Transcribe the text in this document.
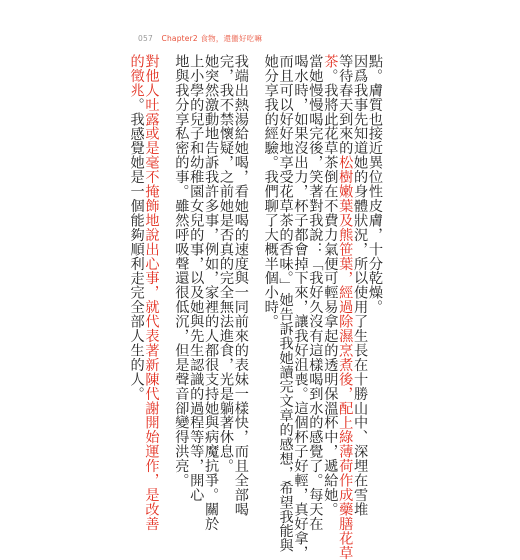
057 Chapter2 食物，還蠻好吃嘛
點。膚質也接近異位性皮膚，十分乾燥。
因爲我事先知道她的身體狀況，所以使用了生長在十勝山中、深埋在雪堆
等待春天到來的松樹嫩葉及熊笹葉，經過除濕烹煮後，配上綠薄荷作成藥膳花草
茶。我將此花草茶倒在不費力氣便可輕易拿起的透明保溫杯中，遞給她。
當她慢慢喝完後，笑著對我說：「我好久沒有這樣喝到水的感覺了。每天在
喝水時，如果沒出力，杯子都會掉下來，讓我好沮喪。這個杯子好輕，真好拿，
而且可以好好地享受花草茶的香味。」她告訴我她讀完文章的感想，希望我能與
她分享我的經驗。我們聊了大概半個小時。
我端出熱湯給她喝，看她喝的速度與一同前來的表妹一樣快，而且全部喝
完，我不禁懷疑，之前她是否真的完全無法進食，光是躺著休息。
她突然激動地告訴我許多事，例如，家裡的人都很支持她與病魔抗爭。關於
上小學的兒子和幼稚園女兒的事，以及她與先生認識的過程等等，開心
地與我分享私密的事。雖然呼吸聲還很低沉，但是聲音卻變得洪亮。
對他人吐露或是毫不掩飾地說出心事，就代表著新陳代謝開始運作，是改善
的徵兆。我感覺她是一個能夠順利走完全部人生的人。
